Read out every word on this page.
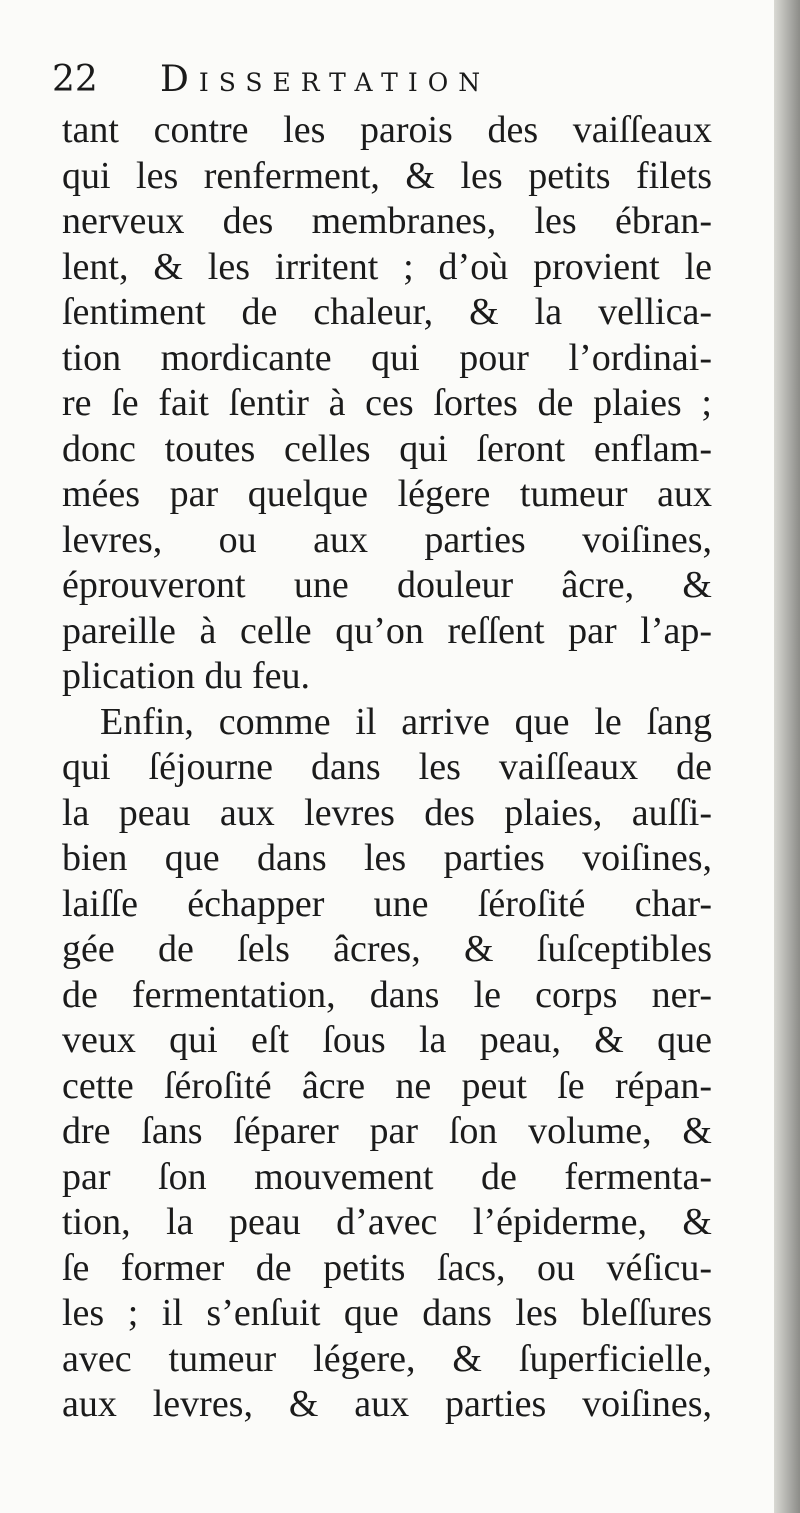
22 Dissertation
tant contre les parois des vaiſſeaux
qui les renferment, & les petits filets
nerveux des membranes, les ébran-
lent, & les irritent ; d’où provient le
ſentiment de chaleur, & la vellica-
tion mordicante qui pour l’ordinai-
re ſe fait ſentir à ces ſortes de plaies ;
donc toutes celles qui ſeront enflam-
mées par quelque légere tumeur aux
levres, ou aux parties voiſines,
éprouveront une douleur âcre, &
pareille à celle qu’on reſſent par l’ap-
plication du feu.
Enfin, comme il arrive que le ſang
qui ſéjourne dans les vaiſſeaux de
la peau aux levres des plaies, auſſi-
bien que dans les parties voiſines,
laiſſe échapper une ſéroſité char-
gée de ſels âcres, & ſuſceptibles
de fermentation, dans le corps ner-
veux qui eſt ſous la peau, & que
cette ſéroſité âcre ne peut ſe répan-
dre ſans ſéparer par ſon volume, &
par ſon mouvement de fermenta-
tion, la peau d’avec l’épiderme, &
ſe former de petits ſacs, ou véſicu-
les ; il s’enſuit que dans les bleſſures
avec tumeur légere, & ſuperficielle,
aux levres, & aux parties voiſines,
